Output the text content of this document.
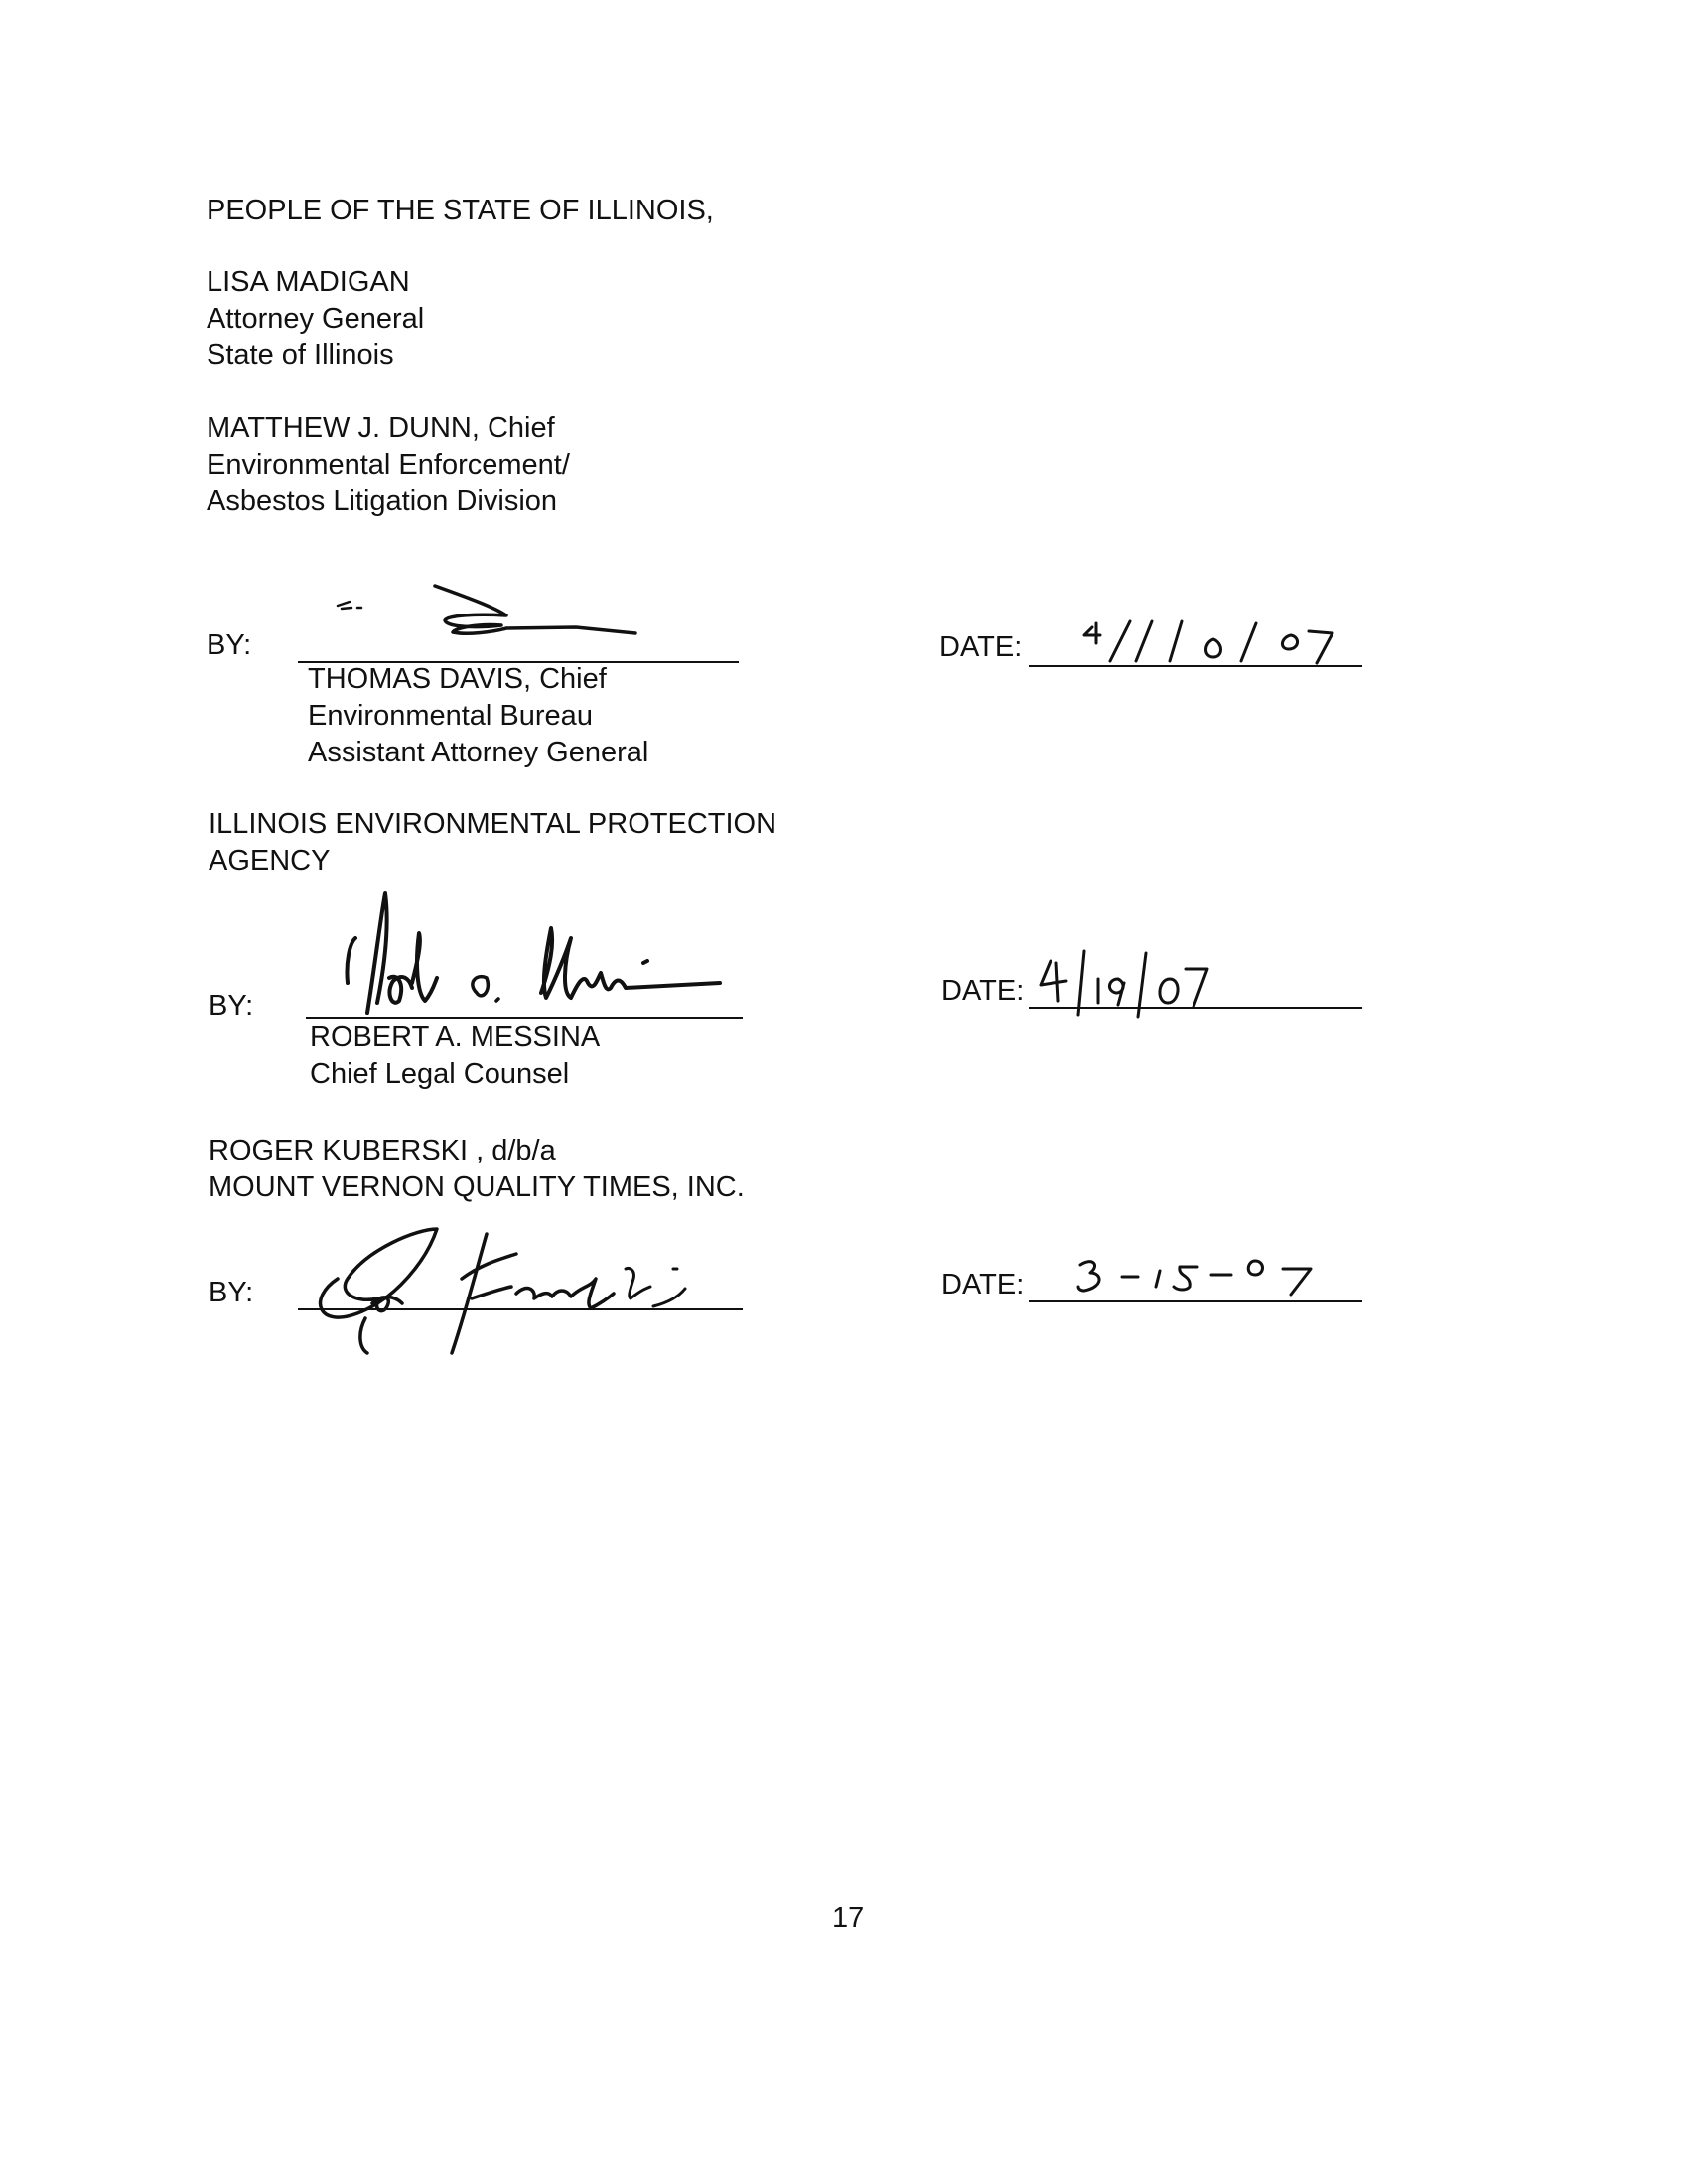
PEOPLE OF THE STATE OF ILLINOIS,
LISA MADIGAN
Attorney General
State of Illinois
MATTHEW J. DUNN, Chief
Environmental Enforcement/
Asbestos Litigation Division
BY:
THOMAS DAVIS, Chief
Environmental Bureau
Assistant Attorney General
DATE:
ILLINOIS ENVIRONMENTAL PROTECTION
AGENCY
BY:
ROBERT A. MESSINA
Chief Legal Counsel
DATE:
ROGER KUBERSKI , d/b/a
MOUNT VERNON QUALITY TIMES, INC.
BY:	DATE:
17
